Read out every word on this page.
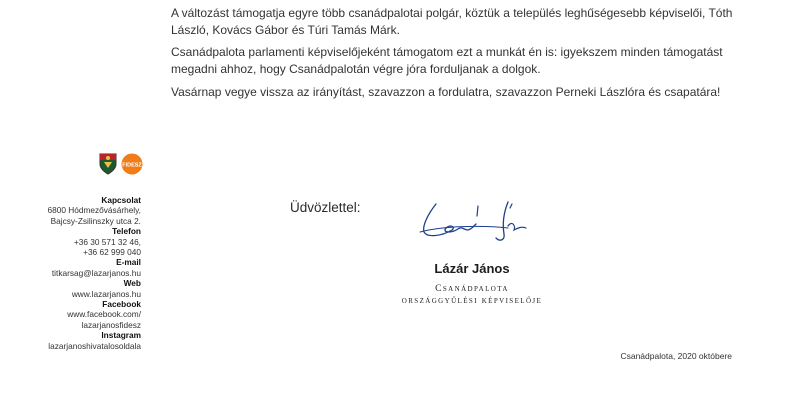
A változást támogatja egyre több csanádpalotai polgár, köztük a település leghűségesebb képviselői, Tóth László, Kovács Gábor és Túri Tamás Márk.

Csanádpalota parlamenti képviselőjeként támogatom ezt a munkát én is: igyekszem minden támogatást megadni ahhoz, hogy Csanádpalotán végre jóra forduljanak a dolgok.

Vasárnap vegye vissza az irányítást, szavazzon a fordulatra, szavazzon Perneki Lászlóra és csapatára!

FIDESZ
Kapcsolat
6800 Hódmezővásárhely,
Bajcsy-Zsilinszky utca 2.
Telefon
+36 30 571 32 46,
+36 62 999 040
E-mail
titkarsag@lazarjanos.hu
Web
www.lazarjanos.hu
Facebook
www.facebook.com/
lazarjanosfidesz
Instagram
lazarjanoshivatalosoldala
Üdvözlettel:
Lázár János
Csanádpalota
országgyűlési képviselője
Csanádpalota, 2020 októbere
